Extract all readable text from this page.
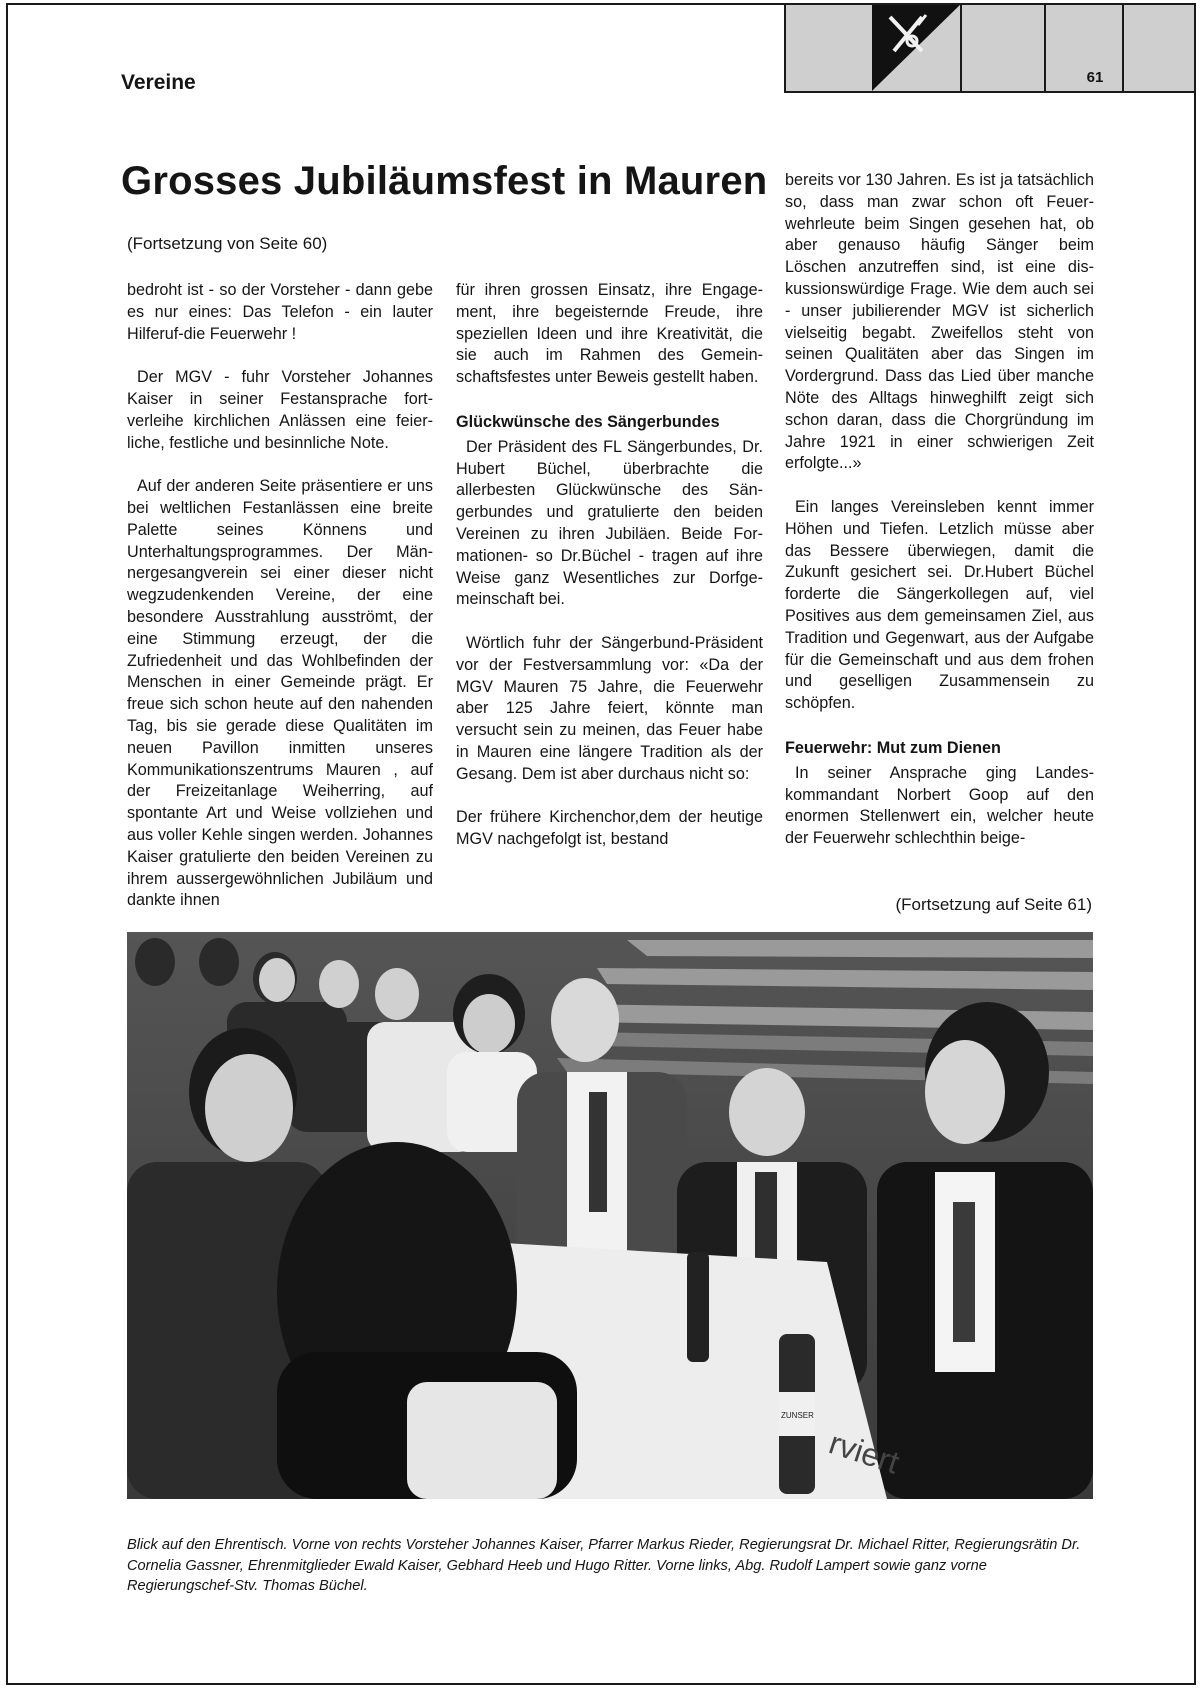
Vereine	61
Grosses Jubiläumsfest in Mauren
(Fortsetzung von Seite 60)

bedroht ist - so der Vorsteher - dann gebe es nur eines: Das Telefon - ein lauter Hilferuf-die Feuerwehr !

Der MGV - fuhr Vorsteher Johannes Kaiser in seiner Festansprache fortverleihe kirchlichen Anlässen eine feierliche, festliche und besinnliche Note.

Auf der anderen Seite präsentiere er uns bei weltlichen Festanlässen eine breite Palette seines Könnens und Unterhaltungsprogrammes. Der Männergesangverein sei einer dieser nicht wegzudenkenden Vereine, der eine besondere Ausstrahlung ausströmt, der eine Stimmung erzeugt, der die Zufriedenheit und das Wohlbefinden der Menschen in einer Gemeinde prägt. Er freue sich schon heute auf den nahenden Tag, bis sie gerade diese Qualitäten im neuen Pavillon inmitten unseres Kommunikationszentrums Mauren , auf der Freizeitanlage Weiherring, auf spontante Art und Weise vollziehen und aus voller Kehle singen werden. Johannes Kaiser gratulierte den beiden Vereinen zu ihrem aussergewöhnlichen Jubiläum und dankte ihnen

für ihren grossen Einsatz, ihre Engagement, ihre begeisternde Freude, ihre speziellen Ideen und ihre Kreativität, die sie auch im Rahmen des Gemeinschaftsfestes unter Beweis gestellt haben.

Glückwünsche des Sängerbundes

Der Präsident des FL Sängerbundes, Dr. Hubert Büchel, überbrachte die allerbesten Glückwünsche des Sängerbundes und gratulierte den beiden Vereinen zu ihren Jubiläen. Beide Formationen- so Dr.Büchel - tragen auf ihre Weise ganz Wesentliches zur Dorfgemeinschaft bei.

Wörtlich fuhr der Sängerbund-Präsident vor der Festversammlung vor: «Da der MGV Mauren 75 Jahre, die Feuerwehr aber 125 Jahre feiert, könnte man versucht sein zu meinen, das Feuer habe in Mauren eine längere Tradition als der Gesang. Dem ist aber durchaus nicht so:

Der frühere Kirchenchor,dem der heutige MGV nachgefolgt ist, bestand

bereits vor 130 Jahren. Es ist ja tatsächlich so, dass man zwar schon oft Feuerwehrleute beim Singen gesehen hat, ob aber genauso häufig Sänger beim Löschen anzutreffen sind, ist eine diskussionswürdige Frage. Wie dem auch sei - unser jubilierender MGV ist sicherlich vielseitig begabt. Zweifellos steht von seinen Qualitäten aber das Singen im Vordergrund. Dass das Lied über manche Nöte des Alltags hinweghilft zeigt sich schon daran, dass die Chorgründung im Jahre 1921 in einer schwierigen Zeit erfolgte...»

Ein langes Vereinsleben kennt immer Höhen und Tiefen. Letzlich müsse aber das Bessere überwiegen, damit die Zukunft gesichert sei. Dr.Hubert Büchel forderte die Sängerkollegen auf, viel Positives aus dem gemeinsamen Ziel, aus Tradition und Gegenwart, aus der Aufgabe für die Gemeinschaft und aus dem frohen und geselligen Zusammensein zu schöpfen.

Feuerwehr: Mut zum Dienen

In seiner Ansprache ging Landeskommandant Norbert Goop auf den enormen Stellenwert ein, welcher heute der Feuerwehr schlechthin beige-

(Fortsetzung auf Seite 61)
ZUNSER
rviert
Blick auf den Ehrentisch. Vorne von rechts Vorsteher Johannes Kaiser, Pfarrer Markus Rieder, Regierungsrat Dr. Michael Ritter, Regierungsrätin Dr. Cornelia Gassner, Ehrenmitglieder Ewald Kaiser, Gebhard Heeb und Hugo Ritter. Vorne links, Abg. Rudolf Lampert sowie ganz vorne Regierungschef-Stv. Thomas Büchel.
